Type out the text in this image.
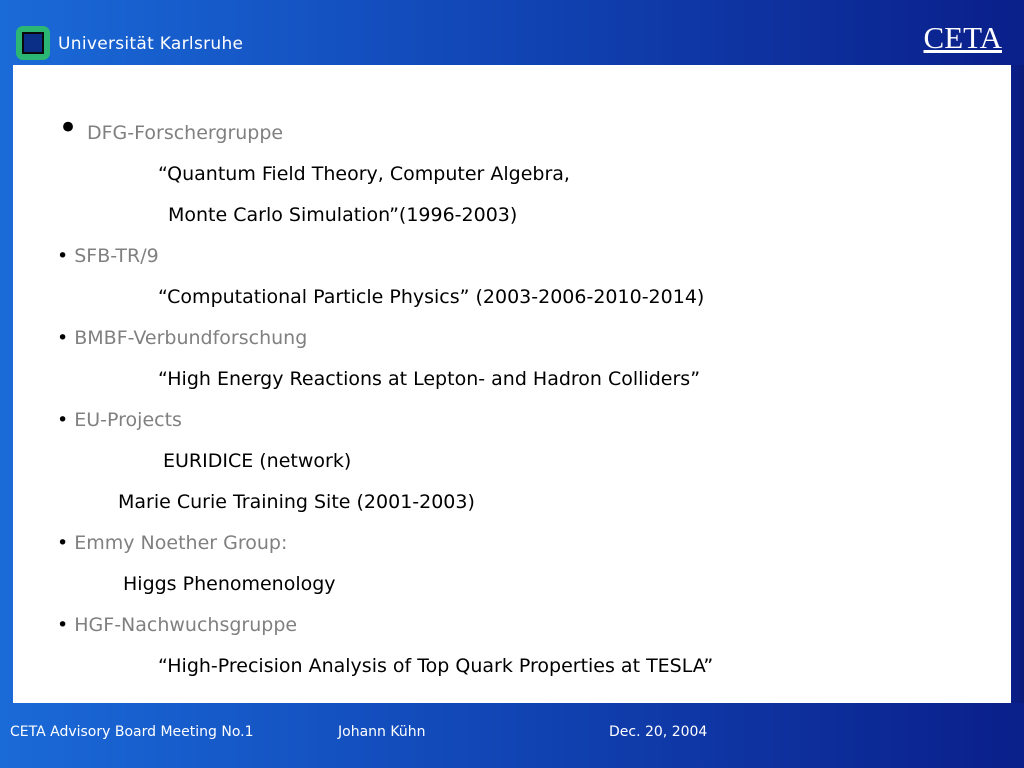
Universität Karlsruhe	CETA
• DFG-Forschergruppe
“Quantum Field Theory, Computer Algebra,
Monte Carlo Simulation”(1996-2003)
• SFB-TR/9
“Computational Particle Physics” (2003-2006-2010-2014)
• BMBF-Verbundforschung
“High Energy Reactions at Lepton- and Hadron Colliders”
• EU-Projects
EURIDICE (network)
Marie Curie Training Site (2001-2003)
• Emmy Noether Group:
Higgs Phenomenology
• HGF-Nachwuchsgruppe
“High-Precision Analysis of Top Quark Properties at TESLA”
CETA Advisory Board Meeting No.1	Johann Kühn	Dec. 20, 2004
